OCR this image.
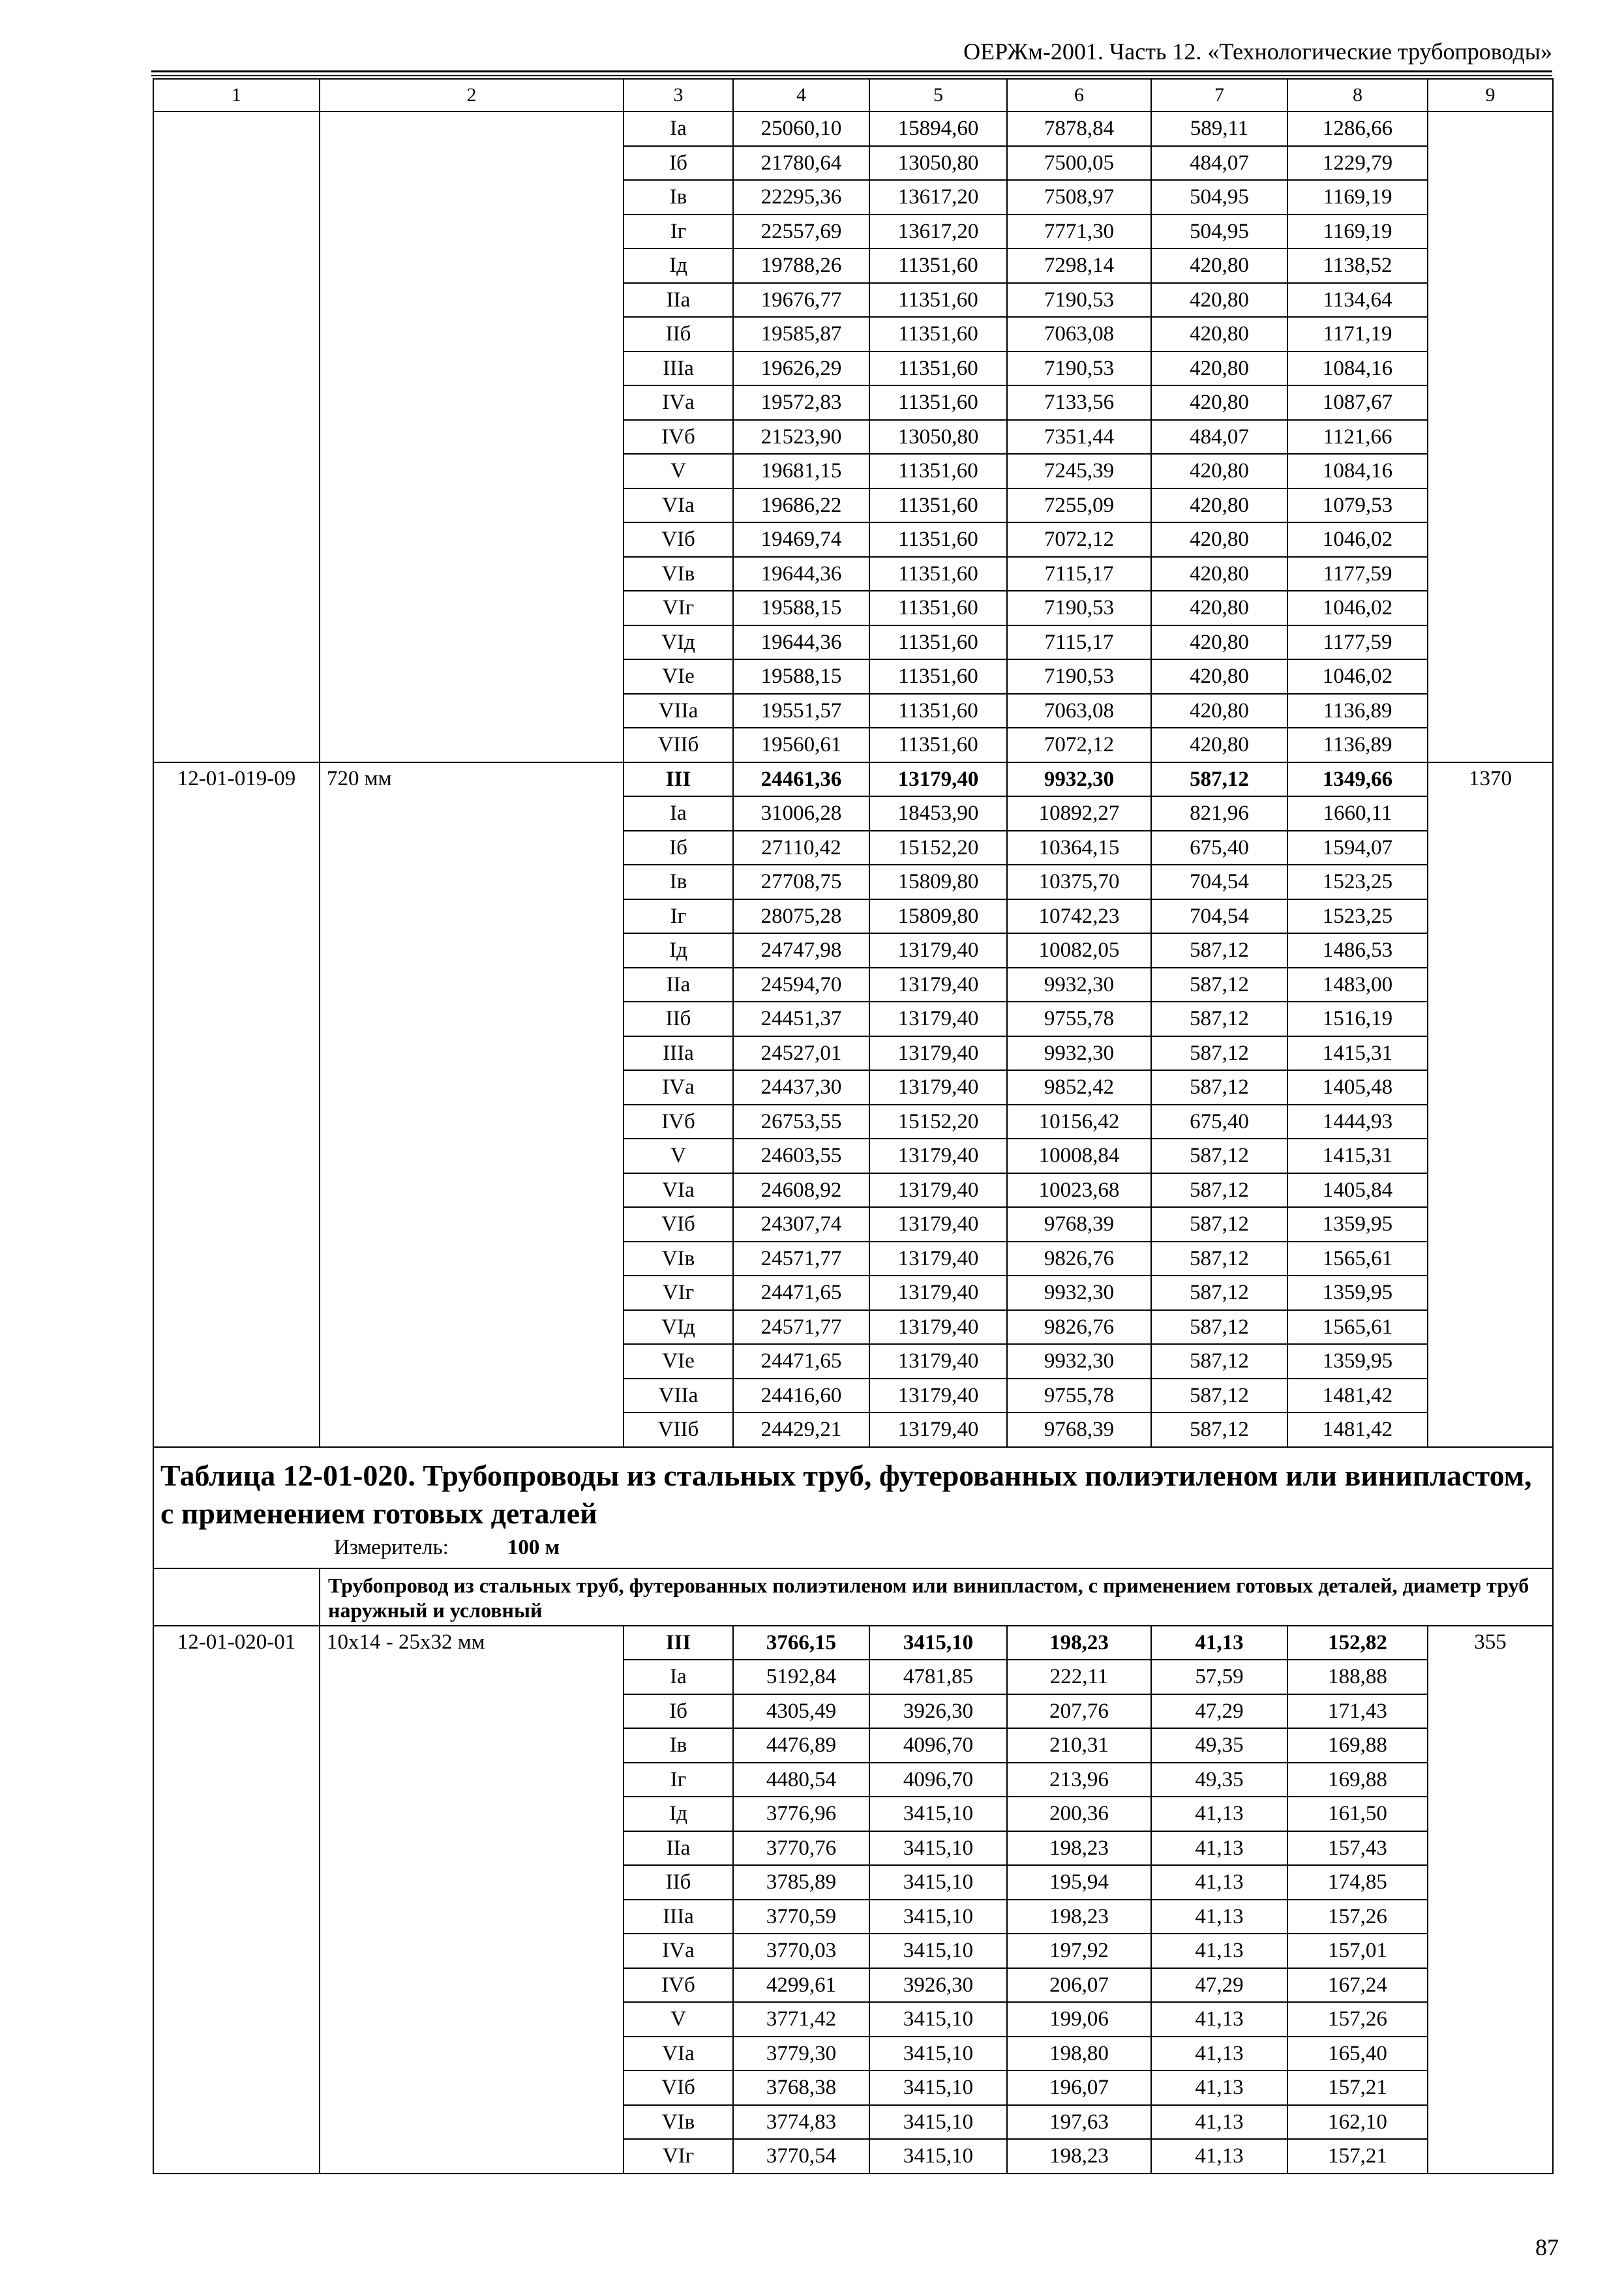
ОЕРЖм-2001. Часть 12. «Технологические трубопроводы»
1	2	3	4	5	6	7	8	9
		Iа	25060,10	15894,60	7878,84	589,11	1286,66	
		Iб	21780,64	13050,80	7500,05	484,07	1229,79	
		Iв	22295,36	13617,20	7508,97	504,95	1169,19	
		Iг	22557,69	13617,20	7771,30	504,95	1169,19	
		Iд	19788,26	11351,60	7298,14	420,80	1138,52	
		IIа	19676,77	11351,60	7190,53	420,80	1134,64	
		IIб	19585,87	11351,60	7063,08	420,80	1171,19	
		IIIа	19626,29	11351,60	7190,53	420,80	1084,16	
		IVа	19572,83	11351,60	7133,56	420,80	1087,67	
		IVб	21523,90	13050,80	7351,44	484,07	1121,66	
		V	19681,15	11351,60	7245,39	420,80	1084,16	
		VIа	19686,22	11351,60	7255,09	420,80	1079,53	
		VIб	19469,74	11351,60	7072,12	420,80	1046,02	
		VIв	19644,36	11351,60	7115,17	420,80	1177,59	
		VIг	19588,15	11351,60	7190,53	420,80	1046,02	
		VIд	19644,36	11351,60	7115,17	420,80	1177,59	
		VIе	19588,15	11351,60	7190,53	420,80	1046,02	
		VIIа	19551,57	11351,60	7063,08	420,80	1136,89	
		VIIб	19560,61	11351,60	7072,12	420,80	1136,89	
12-01-019-09	720 мм	III	24461,36	13179,40	9932,30	587,12	1349,66	1370
		Iа	31006,28	18453,90	10892,27	821,96	1660,11	
		Iб	27110,42	15152,20	10364,15	675,40	1594,07	
		Iв	27708,75	15809,80	10375,70	704,54	1523,25	
		Iг	28075,28	15809,80	10742,23	704,54	1523,25	
		Iд	24747,98	13179,40	10082,05	587,12	1486,53	
		IIа	24594,70	13179,40	9932,30	587,12	1483,00	
		IIб	24451,37	13179,40	9755,78	587,12	1516,19	
		IIIа	24527,01	13179,40	9932,30	587,12	1415,31	
		IVа	24437,30	13179,40	9852,42	587,12	1405,48	
		IVб	26753,55	15152,20	10156,42	675,40	1444,93	
		V	24603,55	13179,40	10008,84	587,12	1415,31	
		VIа	24608,92	13179,40	10023,68	587,12	1405,84	
		VIб	24307,74	13179,40	9768,39	587,12	1359,95	
		VIв	24571,77	13179,40	9826,76	587,12	1565,61	
		VIг	24471,65	13179,40	9932,30	587,12	1359,95	
		VIд	24571,77	13179,40	9826,76	587,12	1565,61	
		VIе	24471,65	13179,40	9932,30	587,12	1359,95	
		VIIа	24416,60	13179,40	9755,78	587,12	1481,42	
		VIIб	24429,21	13179,40	9768,39	587,12	1481,42	

Таблица 12-01-020. Трубопроводы из стальных труб, футерованных полиэтиленом или винипластом, с применением готовых деталей
Измеритель: 100 м								

	Трубопровод из стальных труб, футерованных полиэтиленом или винипластом, с применением готовых деталей, диаметр труб наружный и условный							
12-01-020-01	10х14 - 25х32 мм	III	3766,15	3415,10	198,23	41,13	152,82	355
		Iа	5192,84	4781,85	222,11	57,59	188,88	
		Iб	4305,49	3926,30	207,76	47,29	171,43	
		Iв	4476,89	4096,70	210,31	49,35	169,88	
		Iг	4480,54	4096,70	213,96	49,35	169,88	
		Iд	3776,96	3415,10	200,36	41,13	161,50	
		IIа	3770,76	3415,10	198,23	41,13	157,43	
		IIб	3785,89	3415,10	195,94	41,13	174,85	
		IIIа	3770,59	3415,10	198,23	41,13	157,26	
		IVа	3770,03	3415,10	197,92	41,13	157,01	
		IVб	4299,61	3926,30	206,07	47,29	167,24	
		V	3771,42	3415,10	199,06	41,13	157,26	
		VIа	3779,30	3415,10	198,80	41,13	165,40	
		VIб	3768,38	3415,10	196,07	41,13	157,21	
		VIв	3774,83	3415,10	197,63	41,13	162,10	
		VIг	3770,54	3415,10	198,23	41,13	157,21	
87
